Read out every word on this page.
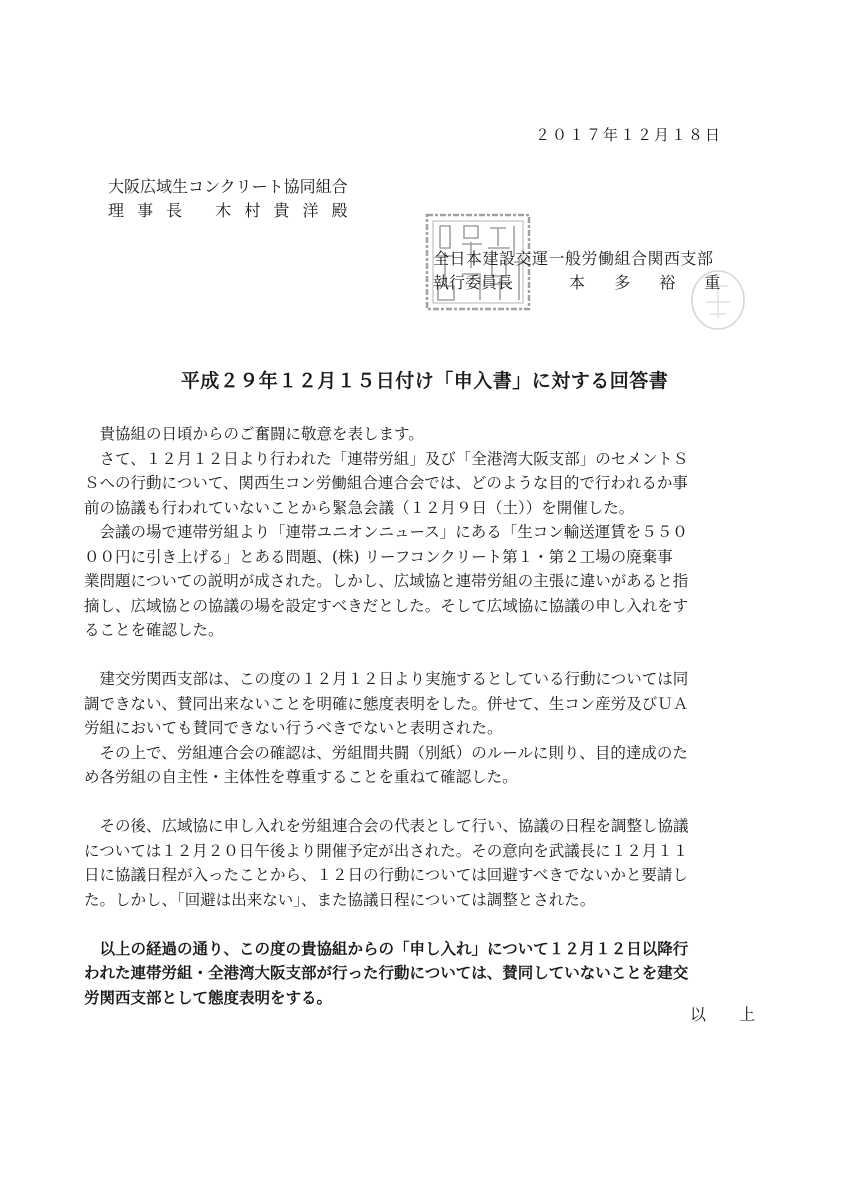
２０１７年１２月１８日
大阪広域生コンクリート協同組合
理 事 長　 木 村 貴 洋 殿
全日本建設交運一般労働組合関西支部
執行委員長	本 多 裕 重
平成２９年１２月１５日付け「申入書」に対する回答書

　貴協組の日頃からのご奮闘に敬意を表します。

　さて、１２月１２日より行われた「連帯労組」及び「全港湾大阪支部」のセメントＳ

Ｓへの行動について、関西生コン労働組合連合会では、どのような目的で行われるか事

前の協議も行われていないことから緊急会議（１２月９日（土））を開催した。

　会議の場で連帯労組より「連帯ユニオンニュース」にある「生コン輸送運賃を５５０

００円に引き上げる」とある問題、(株) リーフコンクリート第１・第２工場の廃棄事

業問題についての説明が成された。しかし、広域協と連帯労組の主張に違いがあると指

摘し、広域協との協議の場を設定すべきだとした。そして広域協に協議の申し入れをす

ることを確認した。

　建交労関西支部は、この度の１２月１２日より実施するとしている行動については同

調できない、賛同出来ないことを明確に態度表明をした。併せて、生コン産労及びＵＡ

労組においても賛同できない行うべきでないと表明された。

　その上で、労組連合会の確認は、労組間共闘（別紙）のルールに則り、目的達成のた

め各労組の自主性・主体性を尊重することを重ねて確認した。

　その後、広域協に申し入れを労組連合会の代表として行い、協議の日程を調整し協議

については１２月２０日午後より開催予定が出された。その意向を武議長に１２月１１

日に協議日程が入ったことから、１２日の行動については回避すべきでないかと要請し

た。しかし、「回避は出来ない」、また協議日程については調整とされた。

　以上の経過の通り、この度の貴協組からの「申し入れ」について１２月１２日以降行

われた連帯労組・全港湾大阪支部が行った行動については、賛同していないことを建交

労関西支部として態度表明をする。

以 上
